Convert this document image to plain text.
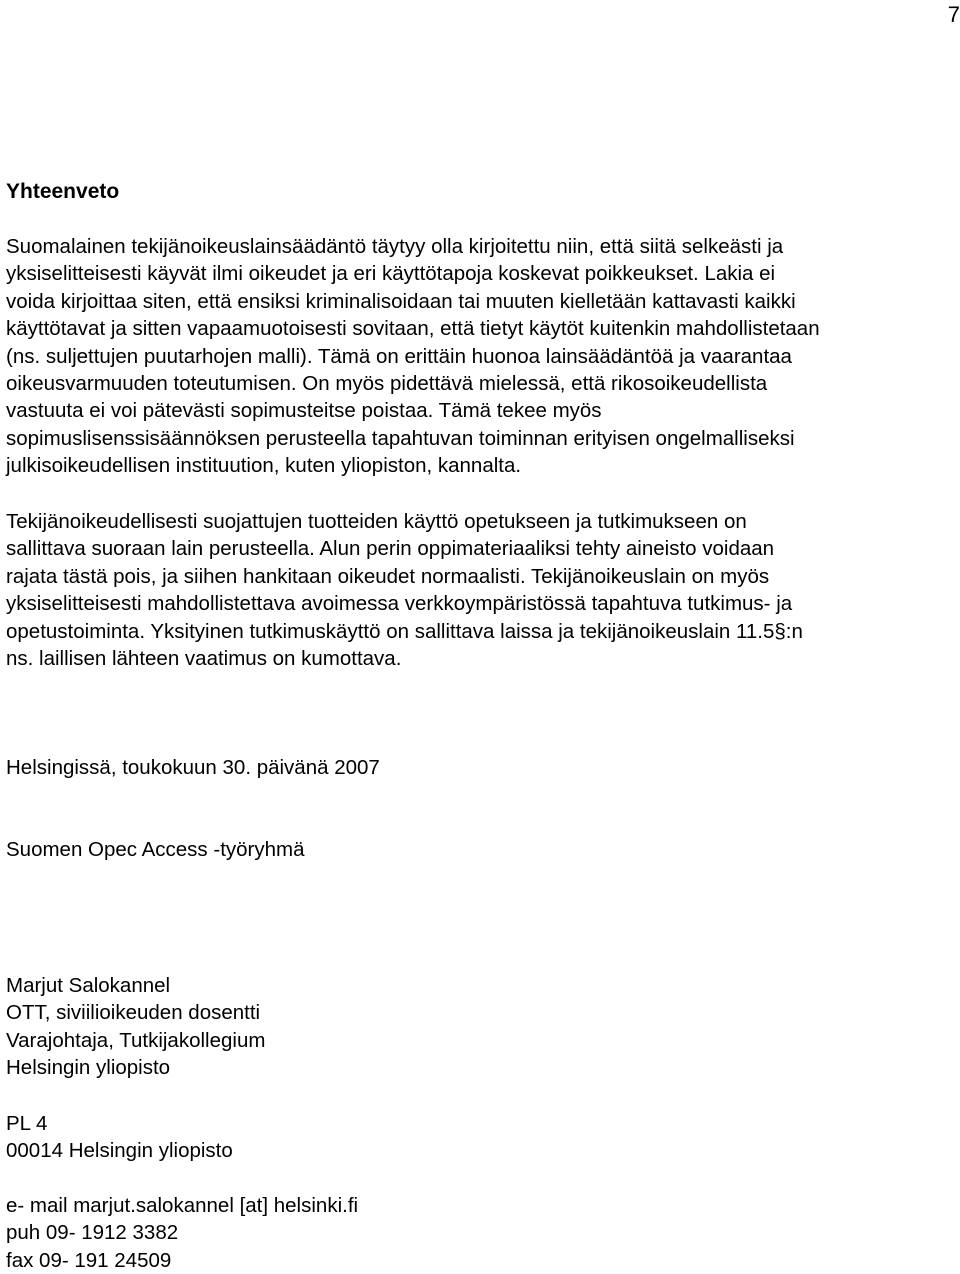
7
Yhteenveto

Suomalainen tekijänoikeuslainsäädäntö täytyy olla kirjoitettu niin, että siitä selkeästi ja
yksiselitteisesti käyvät ilmi oikeudet ja eri käyttötapoja koskevat poikkeukset. Lakia ei
voida kirjoittaa siten, että ensiksi kriminalisoidaan tai muuten kielletään kattavasti kaikki
käyttötavat ja sitten vapaamuotoisesti sovitaan, että tietyt käytöt kuitenkin mahdollistetaan
(ns. suljettujen puutarhojen malli). Tämä on erittäin huonoa lainsäädäntöä ja vaarantaa
oikeusvarmuuden toteutumisen. On myös pidettävä mielessä, että rikosoikeudellista
vastuuta ei voi pätevästi sopimusteitse poistaa. Tämä tekee myös
sopimuslisenssisäännöksen perusteella tapahtuvan toiminnan erityisen ongelmalliseksi
julkisoikeudellisen instituution, kuten yliopiston, kannalta.

Tekijänoikeudellisesti suojattujen tuotteiden käyttö opetukseen ja tutkimukseen on
sallittava suoraan lain perusteella. Alun perin oppimateriaaliksi tehty aineisto voidaan
rajata tästä pois, ja siihen hankitaan oikeudet normaalisti. Tekijänoikeuslain on myös
yksiselitteisesti mahdollistettava avoimessa verkkoympäristössä tapahtuva tutkimus- ja
opetustoiminta. Yksityinen tutkimuskäyttö on sallittava laissa ja tekijänoikeuslain 11.5§:n
ns. laillisen lähteen vaatimus on kumottava.

Helsingissä, toukokuun 30. päivänä 2007
Suomen Opec Access -työryhmä
Marjut Salokannel
OTT, siviilioikeuden dosentti
Varajohtaja, Tutkijakollegium
Helsingin yliopisto
PL 4
00014 Helsingin yliopisto
e- mail marjut.salokannel [at] helsinki.fi
puh 09- 1912 3382
fax 09- 191 24509
